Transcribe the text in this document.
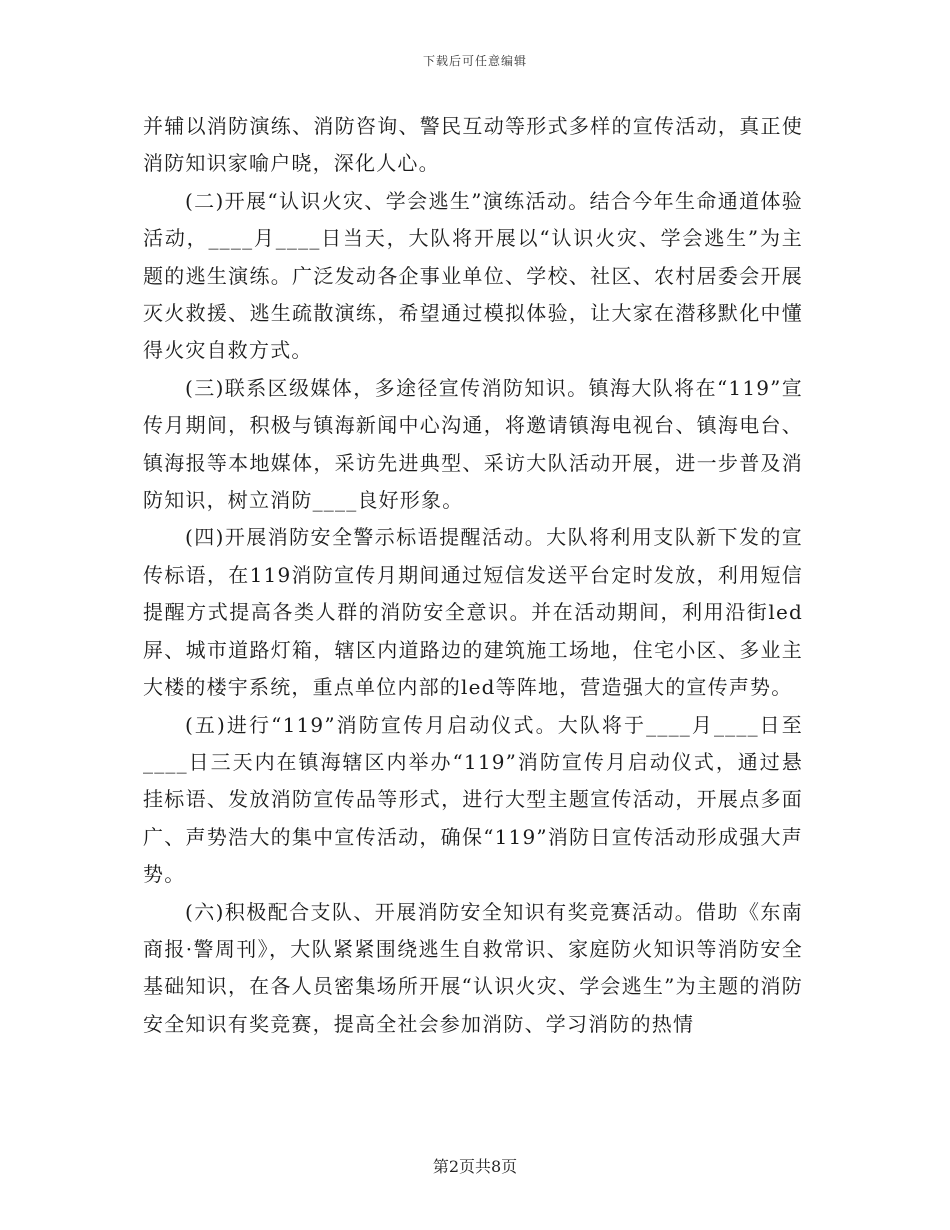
下载后可任意编辑

并辅以消防演练、消防咨询、警民互动等形式多样的宣传活动，真正使消防知识家喻户晓，深化人心。

(二)开展“认识火灾、学会逃生”演练活动。结合今年生命通道体验活动，____月____日当天，大队将开展以“认识火灾、学会逃生”为主题的逃生演练。广泛发动各企事业单位、学校、社区、农村居委会开展灭火救援、逃生疏散演练，希望通过模拟体验，让大家在潜移默化中懂得火灾自救方式。

(三)联系区级媒体，多途径宣传消防知识。镇海大队将在“119”宣传月期间，积极与镇海新闻中心沟通，将邀请镇海电视台、镇海电台、镇海报等本地媒体，采访先进典型、采访大队活动开展，进一步普及消防知识，树立消防____良好形象。

(四)开展消防安全警示标语提醒活动。大队将利用支队新下发的宣传标语，在119消防宣传月期间通过短信发送平台定时发放，利用短信提醒方式提高各类人群的消防安全意识。并在活动期间，利用沿街led屏、城市道路灯箱，辖区内道路边的建筑施工场地，住宅小区、多业主大楼的楼宇系统，重点单位内部的led等阵地，营造强大的宣传声势。

(五)进行“119”消防宣传月启动仪式。大队将于____月____日至____日三天内在镇海辖区内举办“119”消防宣传月启动仪式，通过悬挂标语、发放消防宣传品等形式，进行大型主题宣传活动，开展点多面广、声势浩大的集中宣传活动，确保“119”消防日宣传活动形成强大声势。

(六)积极配合支队、开展消防安全知识有奖竞赛活动。借助《东南商报·警周刊》，大队紧紧围绕逃生自救常识、家庭防火知识等消防安全基础知识，在各人员密集场所开展“认识火灾、学会逃生”为主题的消防安全知识有奖竞赛，提高全社会参加消防、学习消防的热情

第2页共8页
